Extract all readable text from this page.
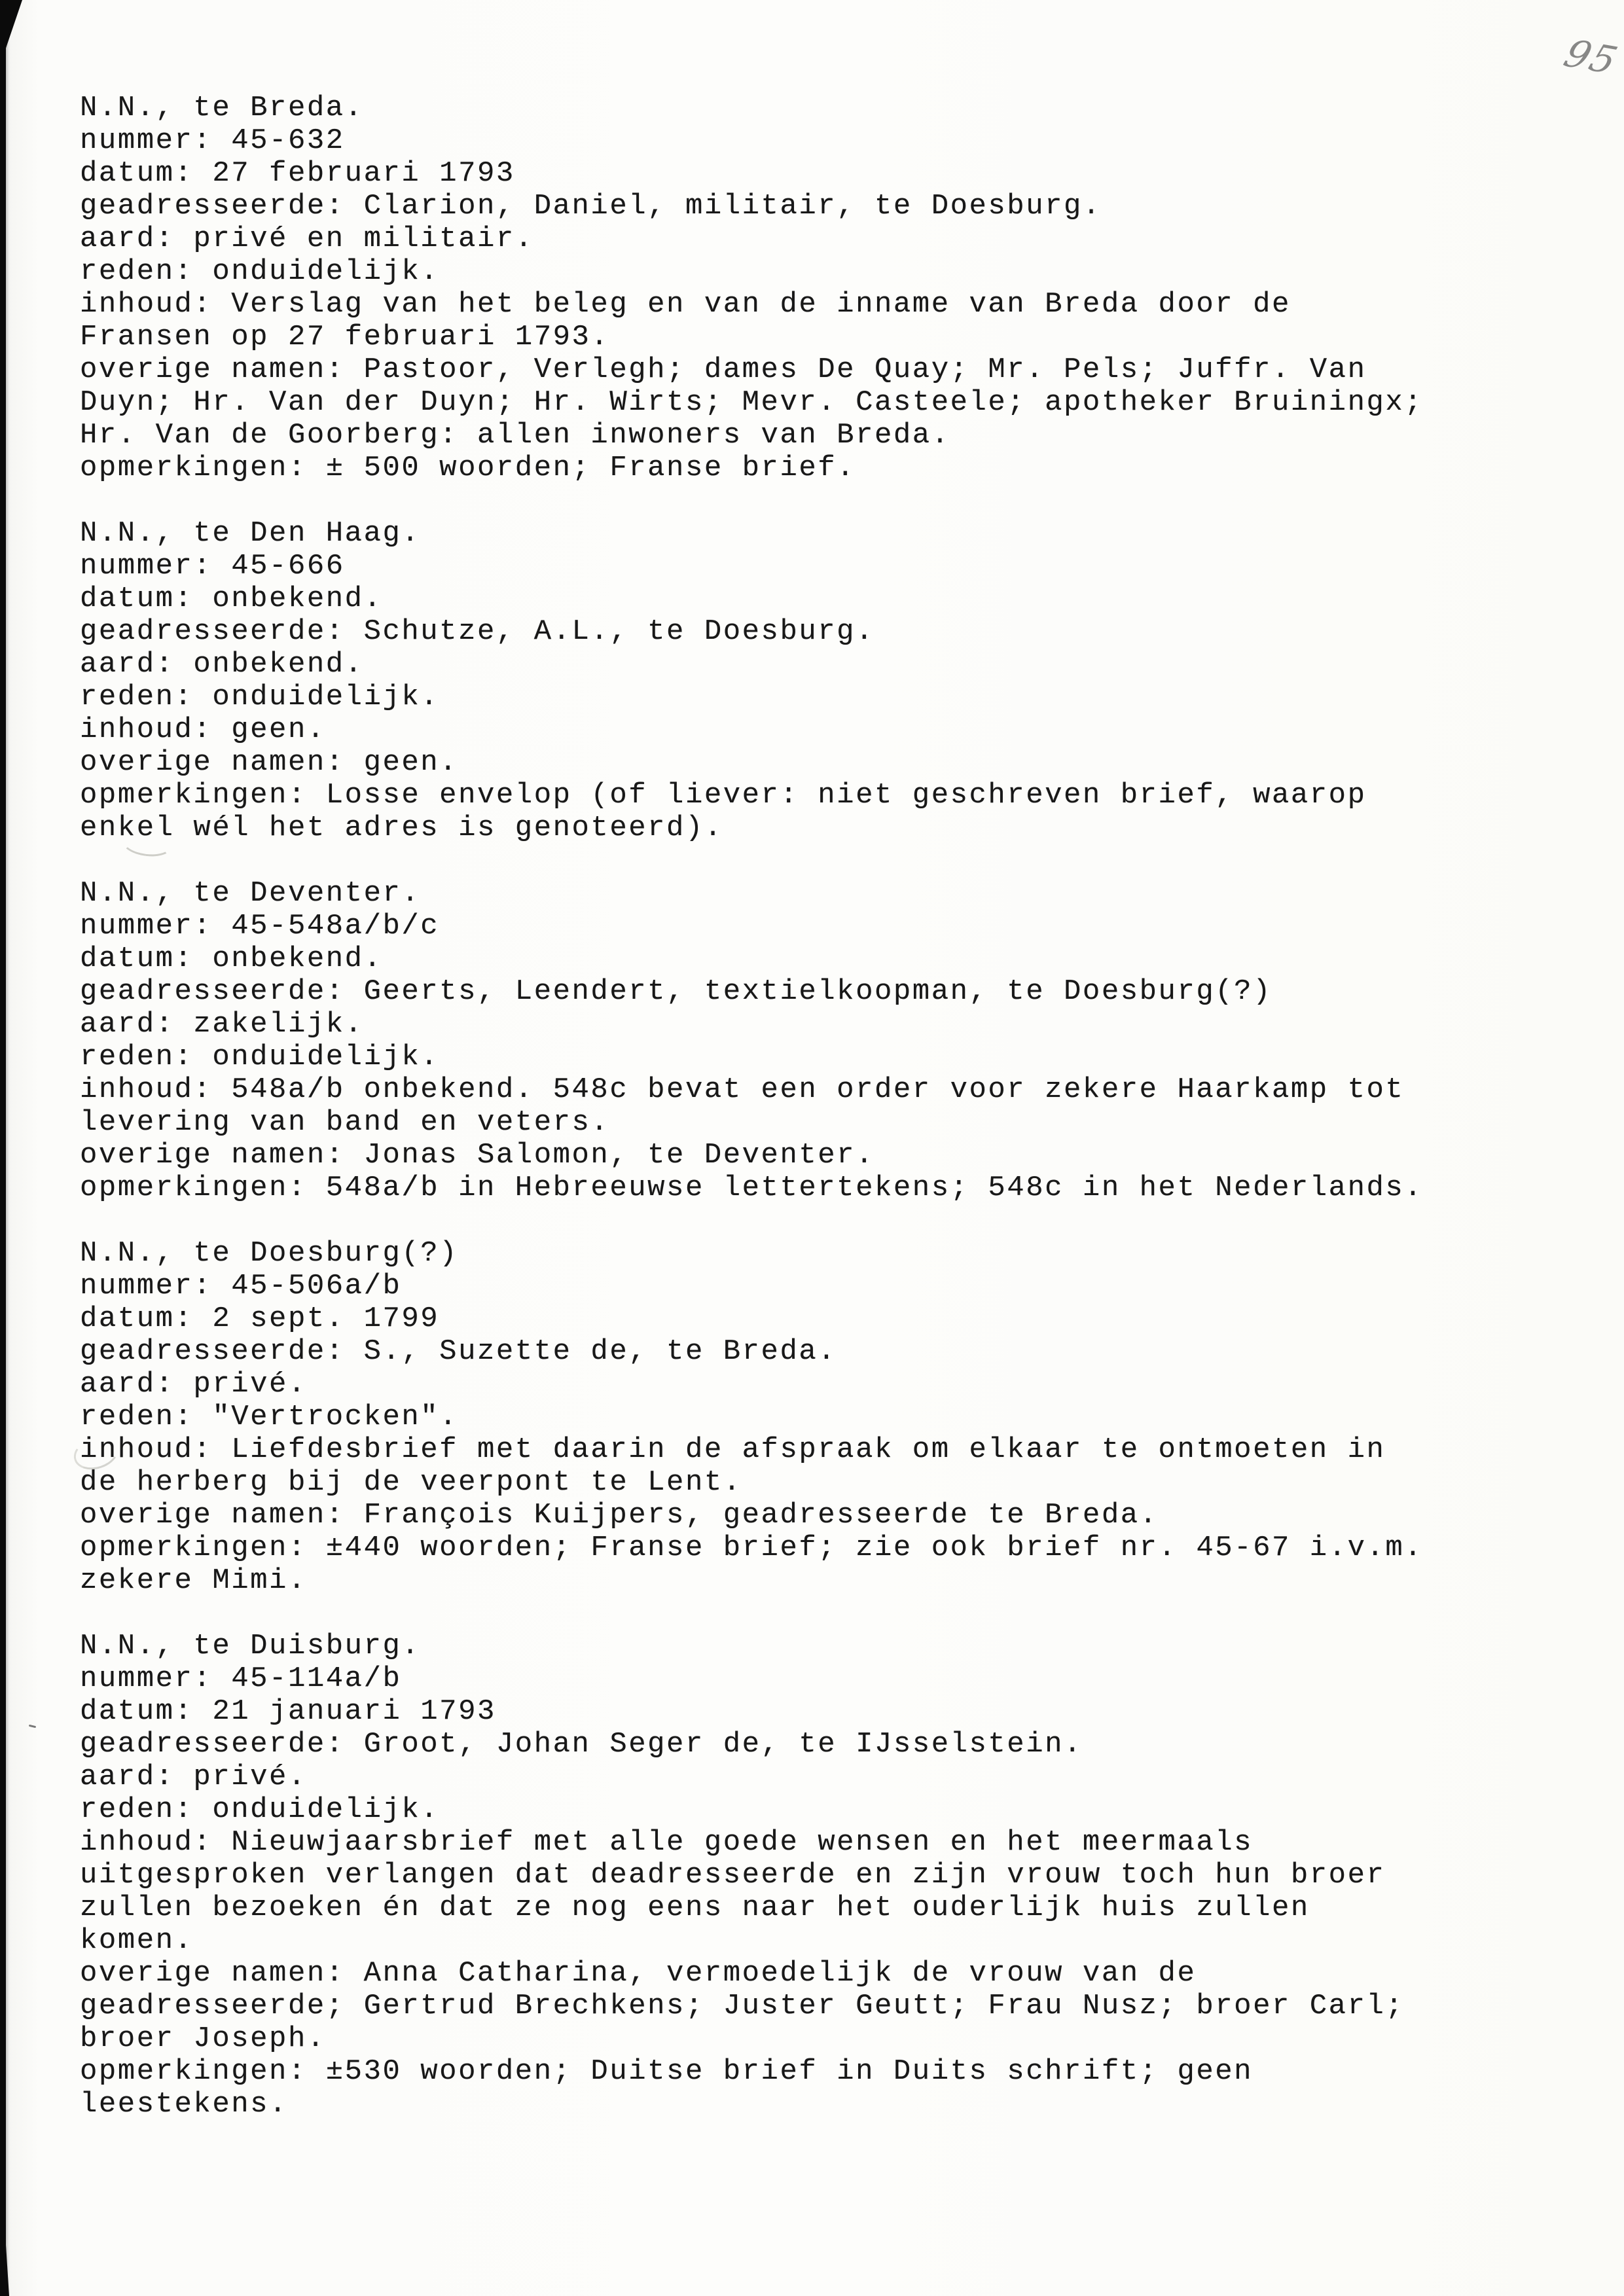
95

N.N., te Breda.

nummer: 45-632

datum: 27 februari 1793

geadresseerde: Clarion, Daniel, militair, te Doesburg.

aard: privé en militair.

reden: onduidelijk.

inhoud: Verslag van het beleg en van de inname van Breda door de

Fransen op 27 februari 1793.

overige namen: Pastoor, Verlegh; dames De Quay; Mr. Pels; Juffr. Van

Duyn; Hr. Van der Duyn; Hr. Wirts; Mevr. Casteele; apotheker Bruiningx;

Hr. Van de Goorberg: allen inwoners van Breda.

opmerkingen: ± 500 woorden; Franse brief.

N.N., te Den Haag.

nummer: 45-666

datum: onbekend.

geadresseerde: Schutze, A.L., te Doesburg.

aard: onbekend.

reden: onduidelijk.

inhoud: geen.

overige namen: geen.

opmerkingen: Losse envelop (of liever: niet geschreven brief, waarop

enkel wél het adres is genoteerd).

N.N., te Deventer.

nummer: 45-548a/b/c

datum: onbekend.

geadresseerde: Geerts, Leendert, textielkoopman, te Doesburg(?)

aard: zakelijk.

reden: onduidelijk.

inhoud: 548a/b onbekend. 548c bevat een order voor zekere Haarkamp tot

levering van band en veters.

overige namen: Jonas Salomon, te Deventer.

opmerkingen: 548a/b in Hebreeuwse lettertekens; 548c in het Nederlands.

N.N., te Doesburg(?)

nummer: 45-506a/b

datum: 2 sept. 1799

geadresseerde: S., Suzette de, te Breda.

aard: privé.

reden: "Vertrocken".

inhoud: Liefdesbrief met daarin de afspraak om elkaar te ontmoeten in

de herberg bij de veerpont te Lent.

overige namen: François Kuijpers, geadresseerde te Breda.

opmerkingen: ±440 woorden; Franse brief; zie ook brief nr. 45-67 i.v.m.

zekere Mimi.

N.N., te Duisburg.

nummer: 45-114a/b

datum: 21 januari 1793

geadresseerde: Groot, Johan Seger de, te IJsselstein.

aard: privé.

reden: onduidelijk.

inhoud: Nieuwjaarsbrief met alle goede wensen en het meermaals

uitgesproken verlangen dat deadresseerde en zijn vrouw toch hun broer

zullen bezoeken én dat ze nog eens naar het ouderlijk huis zullen

komen.

overige namen: Anna Catharina, vermoedelijk de vrouw van de

geadresseerde; Gertrud Brechkens; Juster Geutt; Frau Nusz; broer Carl;

broer Joseph.

opmerkingen: ±530 woorden; Duitse brief in Duits schrift; geen

leestekens.
